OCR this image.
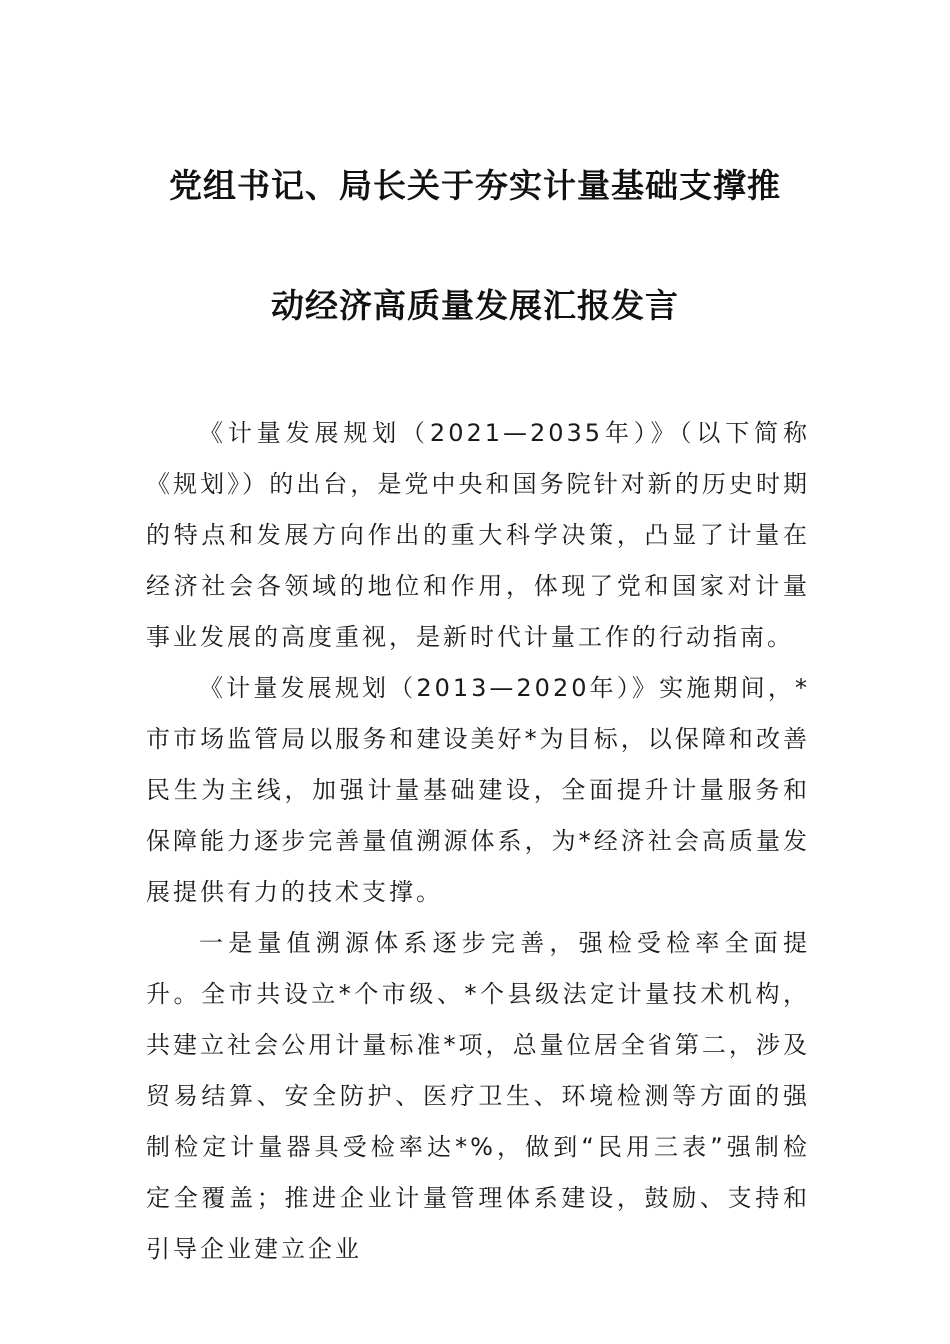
党组书记、局长关于夯实计量基础支撑推
动经济高质量发展汇报发言

《计量发展规划（2021—2035年）》（以下简称《规划》）的出台，是党中央和国务院针对新的历史时期的特点和发展方向作出的重大科学决策，凸显了计量在经济社会各领域的地位和作用，体现了党和国家对计量事业发展的高度重视，是新时代计量工作的行动指南。

《计量发展规划（2013—2020年）》实施期间，*市市场监管局以服务和建设美好*为目标，以保障和改善民生为主线，加强计量基础建设，全面提升计量服务和保障能力逐步完善量值溯源体系，为*经济社会高质量发展提供有力的技术支撑。

一是量值溯源体系逐步完善，强检受检率全面提升。全市共设立*个市级、*个县级法定计量技术机构，共建立社会公用计量标准*项，总量位居全省第二，涉及贸易结算、安全防护、医疗卫生、环境检测等方面的强制检定计量器具受检率达*%，做到“民用三表”强制检定全覆盖；推进企业计量管理体系建设，鼓励、支持和引导企业建立企业
